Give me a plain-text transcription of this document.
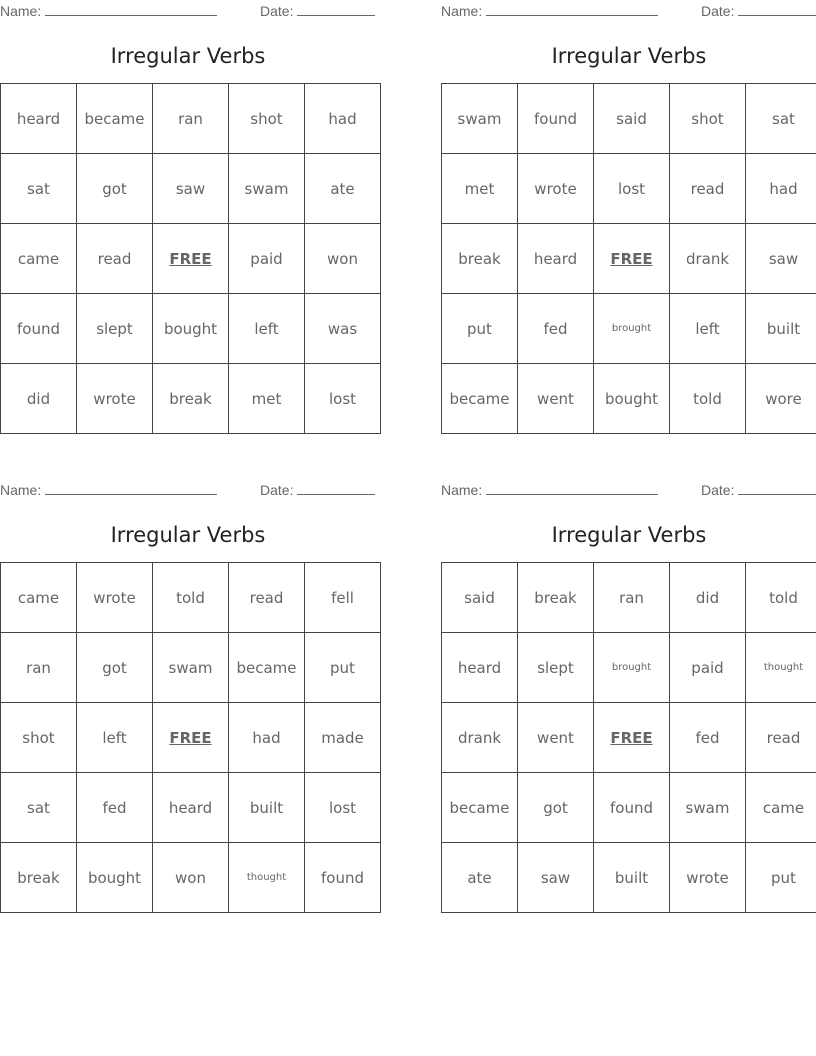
Name:	Date:
Irregular Verbs
heard	became	ran	shot	had
sat	got	saw	swam	ate
came	read	FREE	paid	won
found	slept	bought	left	was
did	wrote	break	met	lost
Name:	Date:
Irregular Verbs
swam	found	said	shot	sat
met	wrote	lost	read	had
break	heard	FREE	drank	saw
put	fed	brought	left	built
became	went	bought	told	wore
Name:	Date:
Irregular Verbs
came	wrote	told	read	fell
ran	got	swam	became	put
shot	left	FREE	had	made
sat	fed	heard	built	lost
break	bought	won	thought	found
Name:	Date:
Irregular Verbs
said	break	ran	did	told
heard	slept	brought	paid	thought
drank	went	FREE	fed	read
became	got	found	swam	came
ate	saw	built	wrote	put
